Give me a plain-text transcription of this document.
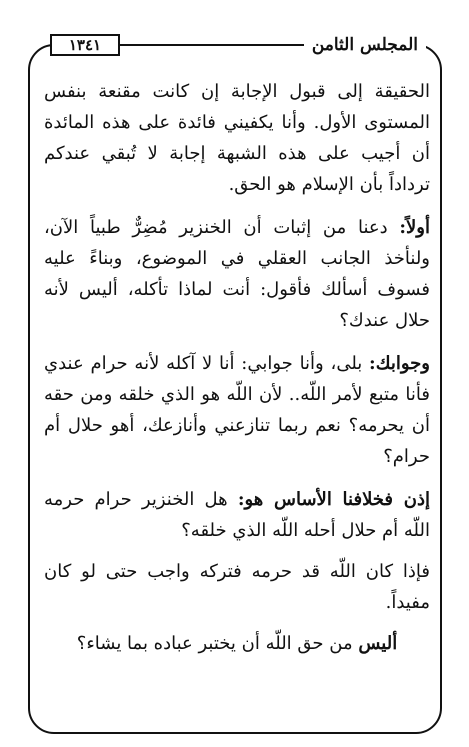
المجلس الثامن
١٣٤١

الحقيقة إلى قبول الإجابة إن كانت مقنعة بنفس المستوى الأول. وأنا يكفيني فائدة على هذه المائدة أن أجيب على هذه الشبهة إجابة لا تُبقي عندكم ترداداً بأن الإسلام هو الحق.

أولاً: دعنا من إثبات أن الخنزير مُضِرٌّ طبياً الآن، ولنأخذ الجانب العقلي في الموضوع، وبناءً عليه فسوف أسألك فأقول: أنت لماذا تأكله، أليس لأنه حلال عندك؟

وجوابك: بلى، وأنا جوابي: أنا لا آكله لأنه حرام عندي فأنا متبع لأمر اللّه.. لأن اللّه هو الذي خلقه ومن حقه أن يحرمه؟ نعم ربما تنازعني وأنازعك، أهو حلال أم حرام؟

إذن فخلافنا الأساس هو: هل الخنزير حرام حرمه اللّه أم حلال أحله اللّه الذي خلقه؟

فإذا كان اللّه قد حرمه فتركه واجب حتى لو كان مفيداً.

أليس من حق اللّه أن يختبر عباده بما يشاء؟
